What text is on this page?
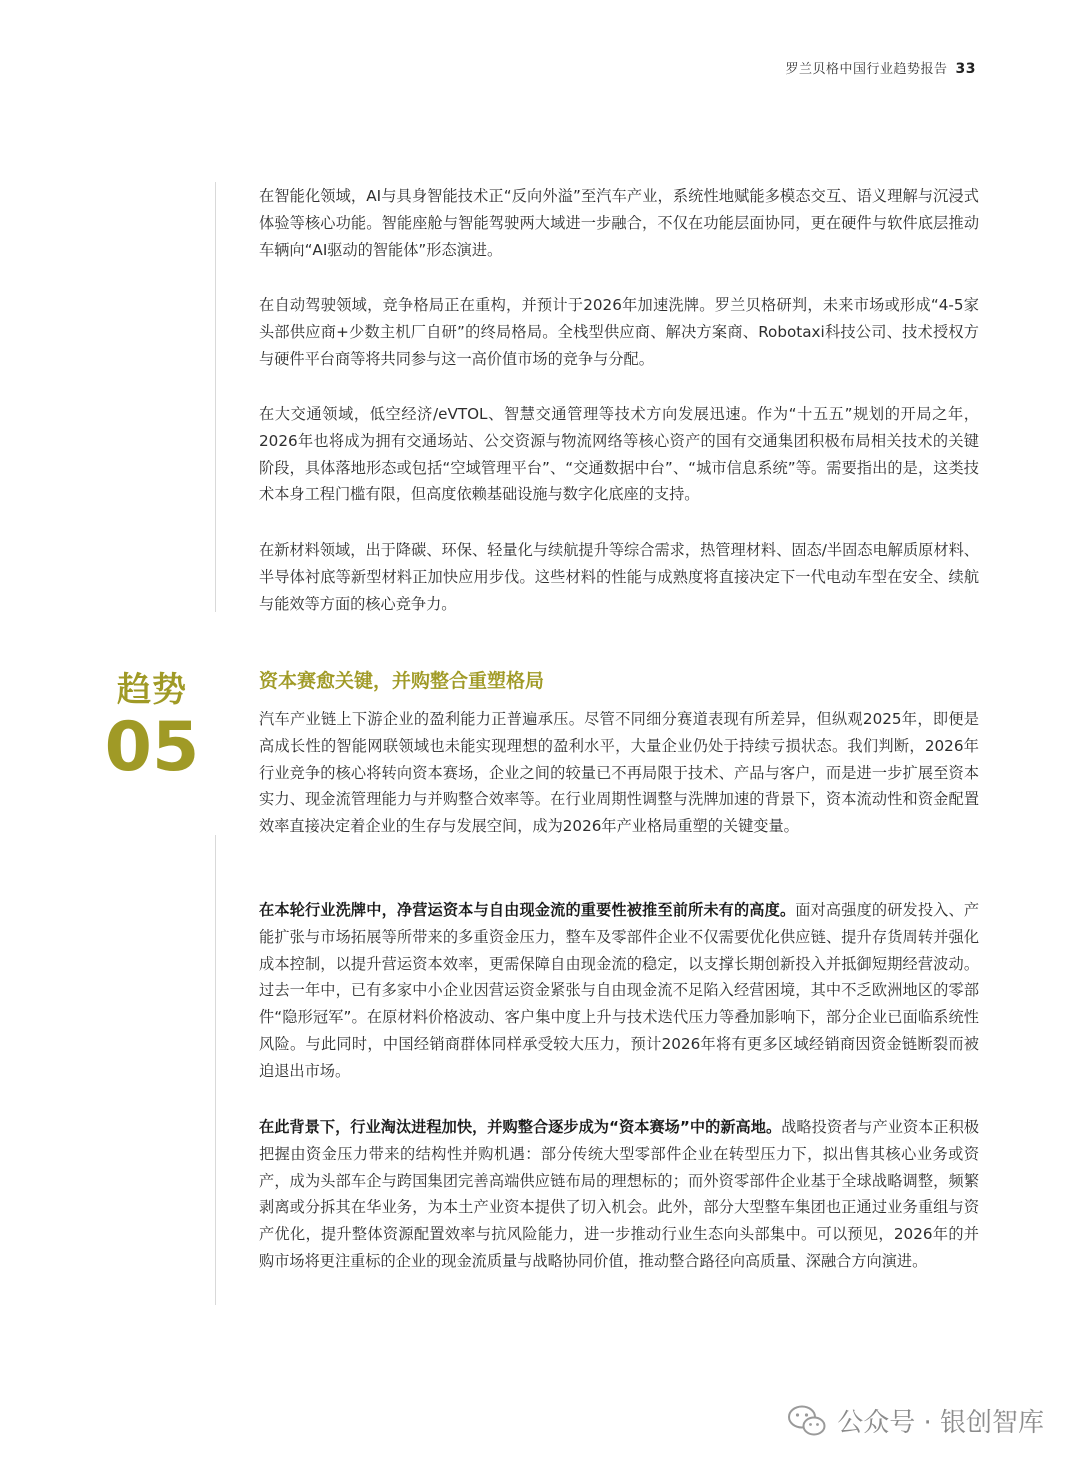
罗兰贝格中国行业趋势报告 33

在智能化领域，AI与具身智能技术正“反向外溢”至汽车产业，系统性地赋能多模态交互、语义理解与沉浸式体验等核心功能。智能座舱与智能驾驶两大域进一步融合，不仅在功能层面协同，更在硬件与软件底层推动车辆向“AI驱动的智能体”形态演进。

在自动驾驶领域，竞争格局正在重构，并预计于2026年加速洗牌。罗兰贝格研判，未来市场或形成“4-5家头部供应商+少数主机厂自研”的终局格局。全栈型供应商、解决方案商、Robotaxi科技公司、技术授权方与硬件平台商等将共同参与这一高价值市场的竞争与分配。

在大交通领域，低空经济/eVTOL、智慧交通管理等技术方向发展迅速。作为“十五五”规划的开局之年，2026年也将成为拥有交通场站、公交资源与物流网络等核心资产的国有交通集团积极布局相关技术的关键阶段，具体落地形态或包括“空域管理平台”、“交通数据中台”、“城市信息系统”等。需要指出的是，这类技术本身工程门槛有限，但高度依赖基础设施与数字化底座的支持。

在新材料领域，出于降碳、环保、轻量化与续航提升等综合需求，热管理材料、固态/半固态电解质原材料、半导体衬底等新型材料正加快应用步伐。这些材料的性能与成熟度将直接决定下一代电动车型在安全、续航与能效等方面的核心竞争力。

趋势
05
资本赛愈关键，并购整合重塑格局

汽车产业链上下游企业的盈利能力正普遍承压。尽管不同细分赛道表现有所差异，但纵观2025年，即便是高成长性的智能网联领域也未能实现理想的盈利水平，大量企业仍处于持续亏损状态。我们判断，2026年行业竞争的核心将转向资本赛场，企业之间的较量已不再局限于技术、产品与客户，而是进一步扩展至资本实力、现金流管理能力与并购整合效率等。在行业周期性调整与洗牌加速的背景下，资本流动性和资金配置效率直接决定着企业的生存与发展空间，成为2026年产业格局重塑的关键变量。

在本轮行业洗牌中，净营运资本与自由现金流的重要性被推至前所未有的高度。面对高强度的研发投入、产能扩张与市场拓展等所带来的多重资金压力，整车及零部件企业不仅需要优化供应链、提升存货周转并强化成本控制，以提升营运资本效率，更需保障自由现金流的稳定，以支撑长期创新投入并抵御短期经营波动。过去一年中，已有多家中小企业因营运资金紧张与自由现金流不足陷入经营困境，其中不乏欧洲地区的零部件“隐形冠军”。在原材料价格波动、客户集中度上升与技术迭代压力等叠加影响下，部分企业已面临系统性风险。与此同时，中国经销商群体同样承受较大压力，预计2026年将有更多区域经销商因资金链断裂而被迫退出市场。

在此背景下，行业淘汰进程加快，并购整合逐步成为“资本赛场”中的新高地。战略投资者与产业资本正积极把握由资金压力带来的结构性并购机遇：部分传统大型零部件企业在转型压力下，拟出售其核心业务或资产，成为头部车企与跨国集团完善高端供应链布局的理想标的；而外资零部件企业基于全球战略调整，频繁剥离或分拆其在华业务，为本土产业资本提供了切入机会。此外，部分大型整车集团也正通过业务重组与资产优化，提升整体资源配置效率与抗风险能力，进一步推动行业生态向头部集中。可以预见，2026年的并购市场将更注重标的企业的现金流质量与战略协同价值，推动整合路径向高质量、深融合方向演进。

公众号 · 银创智库
